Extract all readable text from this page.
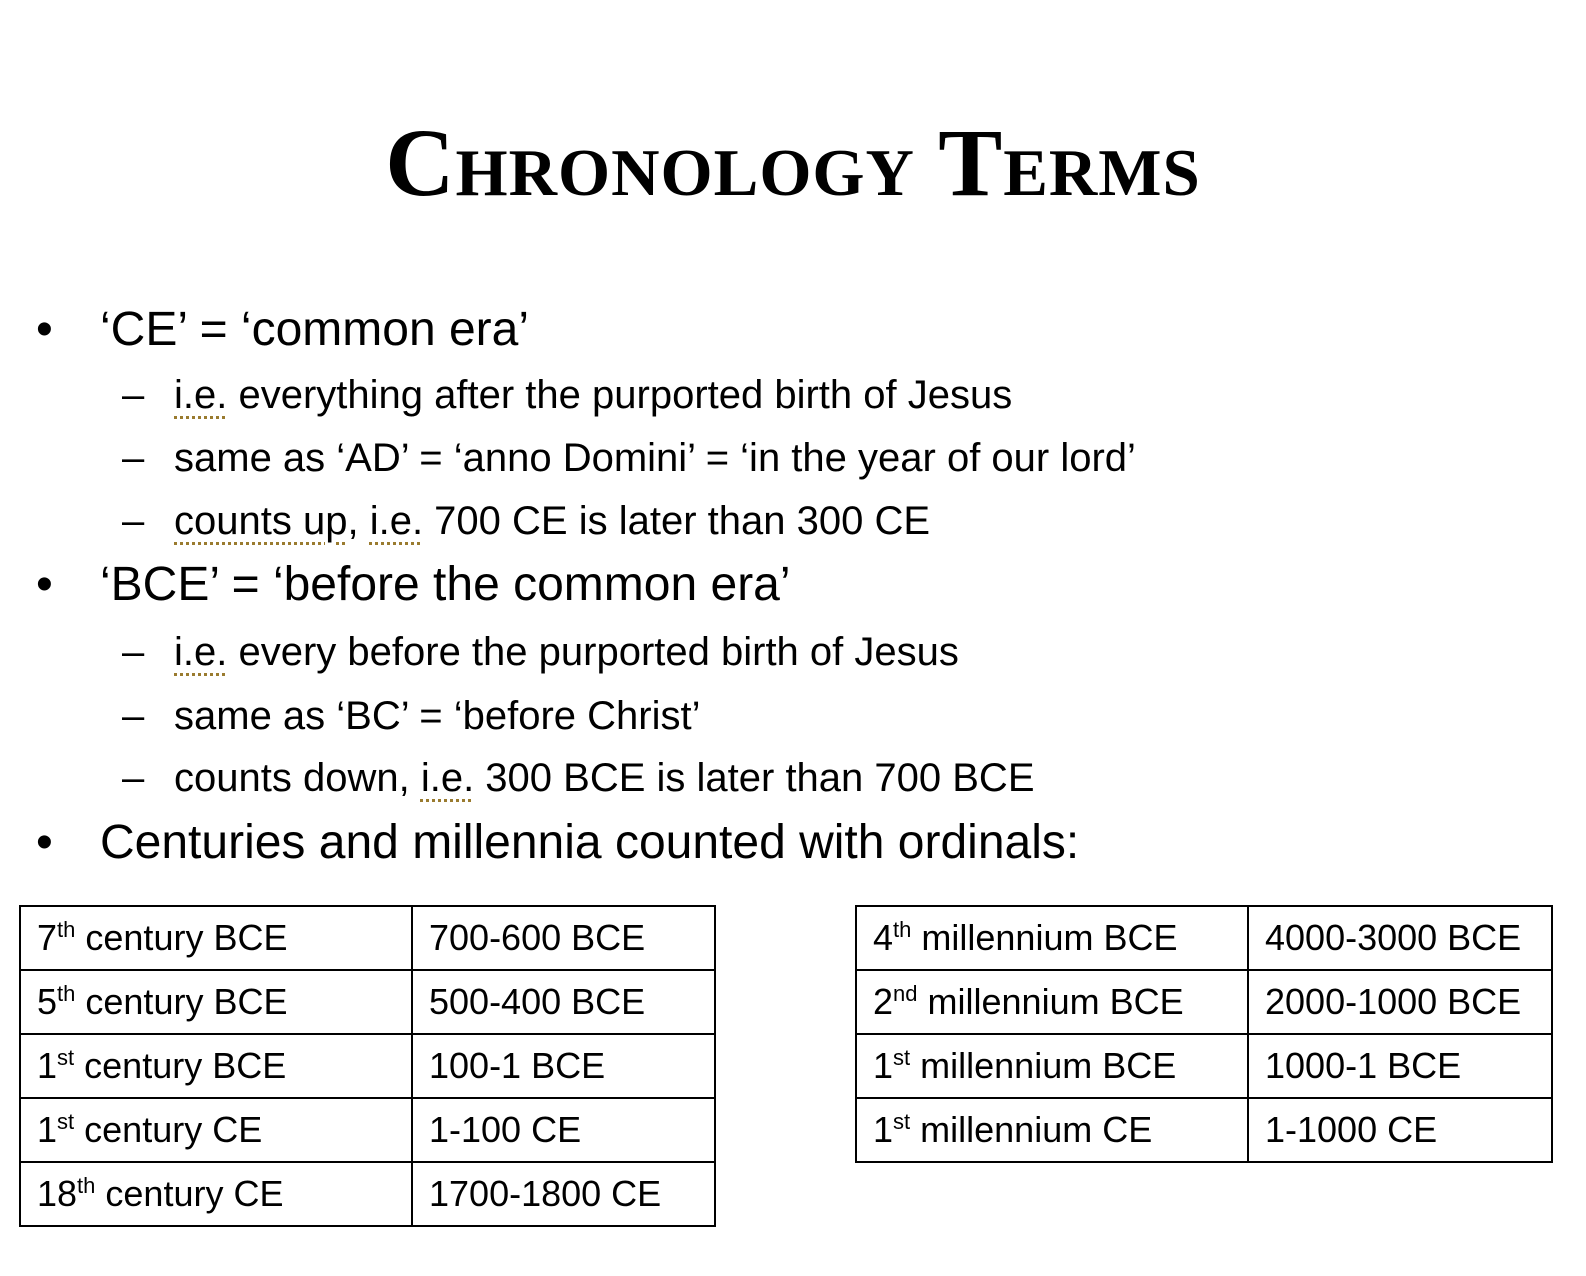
Chronology Terms
• ‘CE’ = ‘common era’
– i.e. everything after the purported birth of Jesus
– same as ‘AD’ = ‘anno Domini’ = ‘in the year of our lord’
– counts up, i.e. 700 CE is later than 300 CE
• ‘BCE’ = ‘before the common era’
– i.e. every before the purported birth of Jesus
– same as ‘BC’ = ‘before Christ’
– counts down, i.e. 300 BCE is later than 700 BCE
• Centuries and millennia counted with ordinals:
7th century BCE	700-600 BCE
5th century BCE	500-400 BCE
1st century BCE	100-1 BCE
1st century CE	1-100 CE
18th century CE	1700-1800 CE
4th millennium BCE	4000-3000 BCE
2nd millennium BCE	2000-1000 BCE
1st millennium BCE	1000-1 BCE
1st millennium CE	1-1000 CE
